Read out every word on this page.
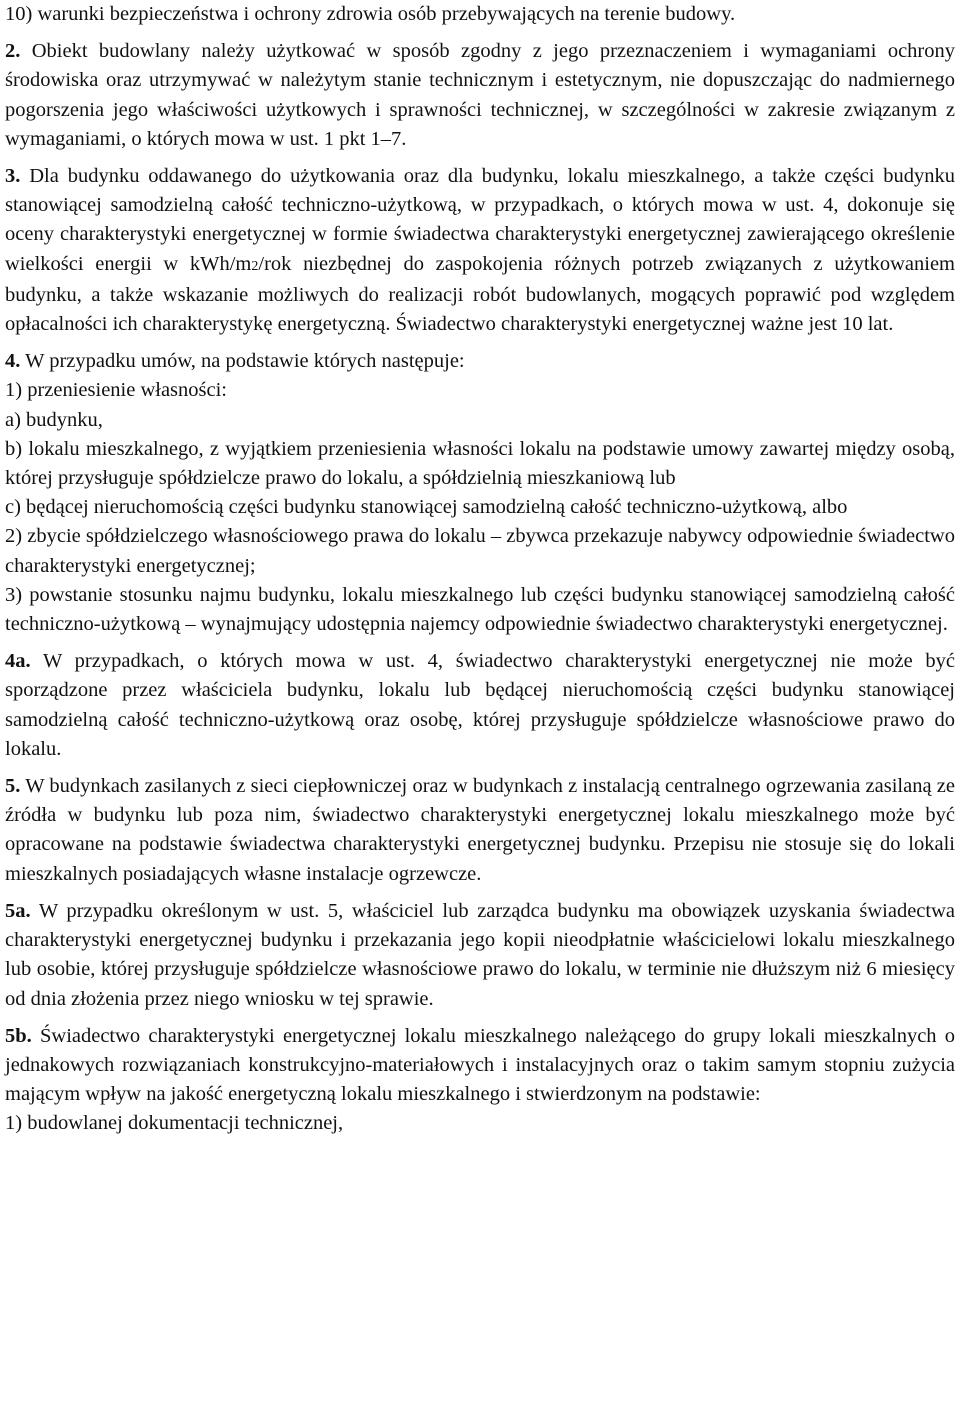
10) warunki bezpieczeństwa i ochrony zdrowia osób przebywających na terenie budowy.

2. Obiekt budowlany należy użytkować w sposób zgodny z jego przeznaczeniem i wymaganiami ochrony środowiska oraz utrzymywać w należytym stanie technicznym i estetycznym, nie dopuszczając do nadmiernego pogorszenia jego właściwości użytkowych i sprawności technicznej, w szczególności w zakresie związanym z wymaganiami, o których mowa w ust. 1 pkt 1–7.

3. Dla budynku oddawanego do użytkowania oraz dla budynku, lokalu mieszkalnego, a także części budynku stanowiącej samodzielną całość techniczno-użytkową, w przypadkach, o których mowa w ust. 4, dokonuje się oceny charakterystyki energetycznej w formie świadectwa charakterystyki energetycznej zawierającego określenie wielkości energii w kWh/m2/rok niezbędnej do zaspokojenia różnych potrzeb związanych z użytkowaniem budynku, a także wskazanie możliwych do realizacji robót budowlanych, mogących poprawić pod względem opłacalności ich charakterystykę energetyczną. Świadectwo charakterystyki energetycznej ważne jest 10 lat.

4. W przypadku umów, na podstawie których następuje:

1) przeniesienie własności:

a) budynku,

b) lokalu mieszkalnego, z wyjątkiem przeniesienia własności lokalu na podstawie umowy zawartej między osobą, której przysługuje spółdzielcze prawo do lokalu, a spółdzielnią mieszkaniową lub

c) będącej nieruchomością części budynku stanowiącej samodzielną całość techniczno-użytkową, albo

2) zbycie spółdzielczego własnościowego prawa do lokalu – zbywca przekazuje nabywcy odpowiednie świadectwo charakterystyki energetycznej;

3) powstanie stosunku najmu budynku, lokalu mieszkalnego lub części budynku stanowiącej samodzielną całość techniczno-użytkową – wynajmujący udostępnia najemcy odpowiednie świadectwo charakterystyki energetycznej.

4a. W przypadkach, o których mowa w ust. 4, świadectwo charakterystyki energetycznej nie może być sporządzone przez właściciela budynku, lokalu lub będącej nieruchomością części budynku stanowiącej samodzielną całość techniczno-użytkową oraz osobę, której przysługuje spółdzielcze własnościowe prawo do lokalu.

5. W budynkach zasilanych z sieci ciepłowniczej oraz w budynkach z instalacją centralnego ogrzewania zasilaną ze źródła w budynku lub poza nim, świadectwo charakterystyki energetycznej lokalu mieszkalnego może być opracowane na podstawie świadectwa charakterystyki energetycznej budynku. Przepisu nie stosuje się do lokali mieszkalnych posiadających własne instalacje ogrzewcze.

5a. W przypadku określonym w ust. 5, właściciel lub zarządca budynku ma obowiązek uzyskania świadectwa charakterystyki energetycznej budynku i przekazania jego kopii nieodpłatnie właścicielowi lokalu mieszkalnego lub osobie, której przysługuje spółdzielcze własnościowe prawo do lokalu, w terminie nie dłuższym niż 6 miesięcy od dnia złożenia przez niego wniosku w tej sprawie.

5b. Świadectwo charakterystyki energetycznej lokalu mieszkalnego należącego do grupy lokali mieszkalnych o jednakowych rozwiązaniach konstrukcyjno-materiałowych i instalacyjnych oraz o takim samym stopniu zużycia mającym wpływ na jakość energetyczną lokalu mieszkalnego i stwierdzonym na podstawie:

1) budowlanej dokumentacji technicznej,
